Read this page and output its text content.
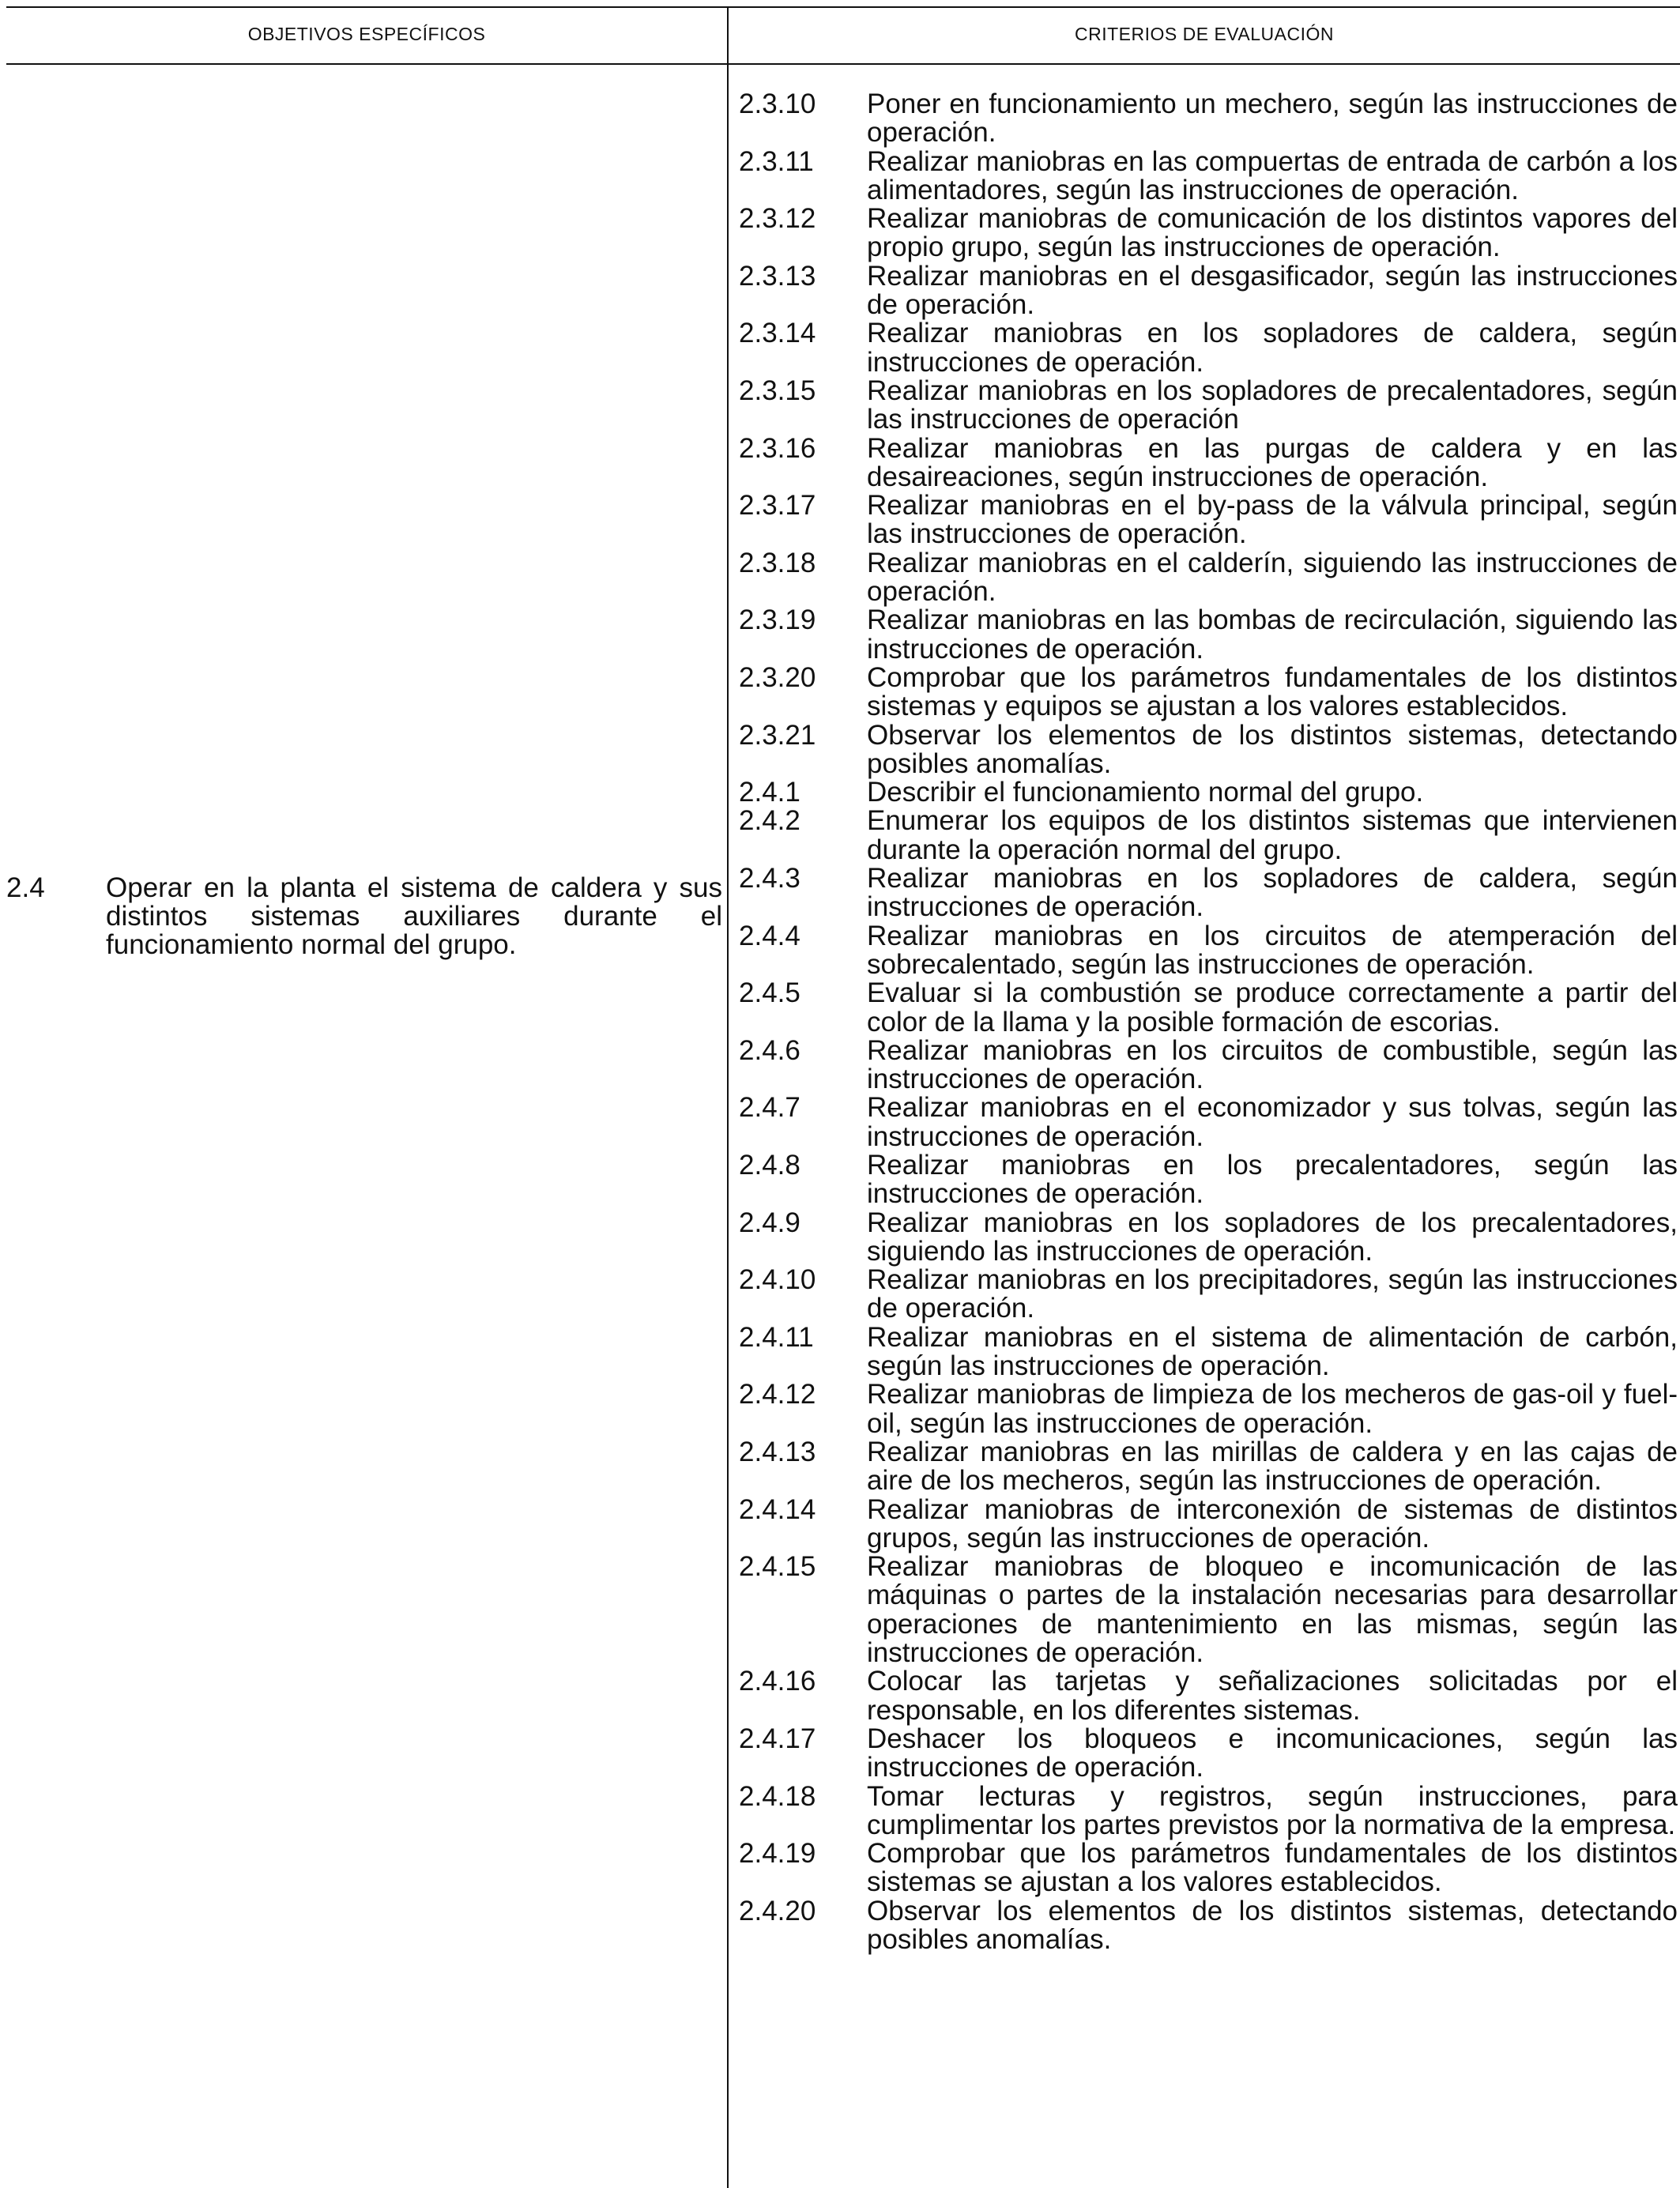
OBJETIVOS ESPECÍFICOS	CRITERIOS DE EVALUACIÓN
2.4 Operar en la planta el sistema de caldera y sus distintos sistemas auxiliares durante el funcionamiento normal del grupo.
2.3.10	Poner en funcionamiento un mechero, según las instrucciones de operación.
2.3.11	Realizar maniobras en las compuertas de entrada de carbón a los alimentadores, según las instrucciones de operación.
2.3.12	Realizar maniobras de comunicación de los distintos vapores del propio grupo, según las instrucciones de operación.
2.3.13	Realizar maniobras en el desgasificador, según las instrucciones de operación.
2.3.14	Realizar maniobras en los sopladores de caldera, según instrucciones de operación.
2.3.15	Realizar maniobras en los sopladores de precalentadores, según las instrucciones de operación
2.3.16	Realizar maniobras en las purgas de caldera y en las desaireaciones, según instrucciones de operación.
2.3.17	Realizar maniobras en el by-pass de la válvula principal, según las instrucciones de operación.
2.3.18	Realizar maniobras en el calderín, siguiendo las instrucciones de operación.
2.3.19	Realizar maniobras en las bombas de recirculación, siguiendo las instrucciones de operación.
2.3.20	Comprobar que los parámetros fundamentales de los distintos sistemas y equipos se ajustan a los valores establecidos.
2.3.21	Observar los elementos de los distintos sistemas, detectando posibles anomalías.
2.4.1	Describir el funcionamiento normal del grupo.
2.4.2	Enumerar los equipos de los distintos sistemas que intervienen durante la operación normal del grupo.
2.4.3	Realizar maniobras en los sopladores de caldera, según instrucciones de operación.
2.4.4	Realizar maniobras en los circuitos de atemperación del sobrecalentado, según las instrucciones de operación.
2.4.5	Evaluar si la combustión se produce correctamente a partir del color de la llama y la posible formación de escorias.
2.4.6	Realizar maniobras en los circuitos de combustible, según las instrucciones de operación.
2.4.7	Realizar maniobras en el economizador y sus tolvas, según las instrucciones de operación.
2.4.8	Realizar maniobras en los precalentadores, según las instrucciones de operación.
2.4.9	Realizar maniobras en los sopladores de los precalentadores, siguiendo las instrucciones de operación.
2.4.10	Realizar maniobras en los precipitadores, según las instrucciones de operación.
2.4.11	Realizar maniobras en el sistema de alimentación de carbón, según las instrucciones de operación.
2.4.12	Realizar maniobras de limpieza de los mecheros de gas-oil y fuel-oil, según las instrucciones de operación.
2.4.13	Realizar maniobras en las mirillas de caldera y en las cajas de aire de los mecheros, según las instrucciones de operación.
2.4.14	Realizar maniobras de interconexión de sistemas de distintos grupos, según las instrucciones de operación.
2.4.15	Realizar maniobras de bloqueo e incomunicación de las máquinas o partes de la instalación necesarias para desarrollar operaciones de mantenimiento en las mismas, según las instrucciones de operación.
2.4.16	Colocar las tarjetas y señalizaciones solicitadas por el responsable, en los diferentes sistemas.
2.4.17	Deshacer los bloqueos e incomunicaciones, según las instrucciones de operación.
2.4.18	Tomar lecturas y registros, según instrucciones, para cumplimentar los partes previstos por la normativa de la empresa.
2.4.19	Comprobar que los parámetros fundamentales de los distintos sistemas se ajustan a los valores establecidos.
2.4.20	Observar los elementos de los distintos sistemas, detectando posibles anomalías.
